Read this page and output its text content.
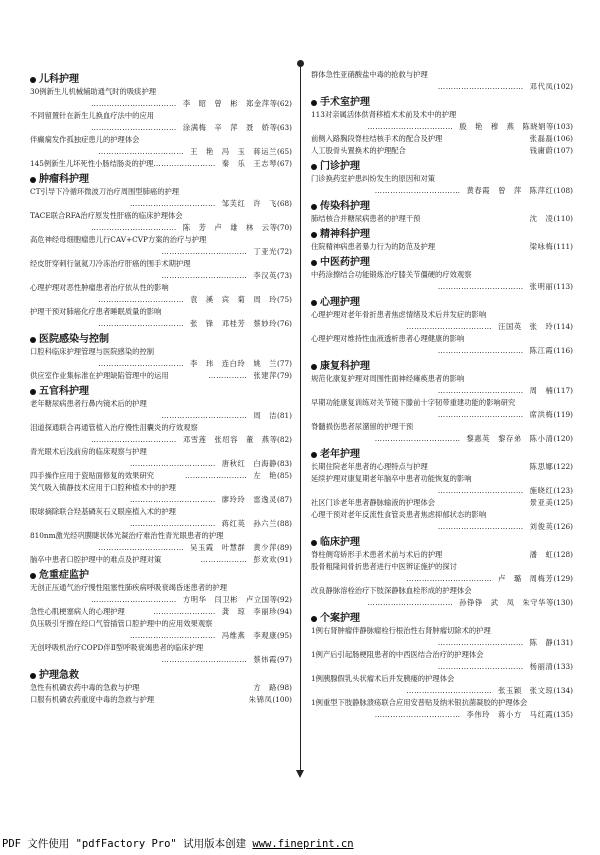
儿科护理
30例新生儿机械辅助通气时的吸痰护理
…………………………… 李　昭　曾　彬　郑金萍 等(62)
不同留置针在新生儿换血疗法中的应用
…………………………… 涂满梅　辛　萍　聂　娇 等(63)
伴癫痫发作孤独症患儿的护理体会
…………………………… 王　艳　冯　玉　蒋运兰 (65)
145例新生儿坏死性小肠结肠炎的护理 …………………… 秦　乐　王志琴(67)
肿瘤科护理
CT引导下冷循环微波刀治疗周围型肺癌的护理
…………………………… 邹芙红　许　飞 (68)
TACE联合RFA治疗原发性肝癌的临床护理体会
…………………………… 陈　芳　卢　雄　林　云 等(70)
高危神经母细胞瘤患儿行CAV+CVP方案的治疗与护理
…………………………… 丁亚光 (72)
经皮肝穿刺行氩氦刀冷冻治疗肝癌的围手术期护理
…………………………… 李汉英 (73)
心理护理对恶性肿瘤患者治疗依从性的影响
…………………………… 袁　溪　宾　菊　周　玲 (75)
护理干预对肺癌化疗患者睡眠质量的影响
…………………………… 张　锋　邓桂芳　蔡妙玲 (76)
医院感染与控制
口腔科临床护理管理与医院感染的控制
…………………………… 李　玮　连白玲　姚　兰 (77)
供应室作业集标准在护理缺陷管理中的运用	…………… 张建萍(79)
五官科护理
老年糖尿病患者行鼻内镜术后的护理
…………………………… 周　洁 (81)
泪道探通联合再通管植入治疗慢性泪囊炎的疗效观察
…………………………… 邓雪莲　张绍容　董　燕 等(82)
青光眼术后浅前房的临床观察与护理
…………………………… 唐秋红　白海静 (83)
四手操作应用于瓷贴面修复的效果研究	…………………… 左　艳(85)
笑气吸入镇静技术应用于口腔种植术中的护理
…………………………… 廖玲玲　雷逸灵 (87)
眼球摘除联合羟基磷灰石义眼座植入术的护理
…………………………… 蒋红英　孙六兰 (88)
810nm激光经巩膜睫状体光凝治疗难治性青光眼患者的护理
…………………………… 吴玉霞　叶慧群　黄少萍 (89)
脑卒中患者口腔护理中的难点及护理对策	……………… 彭欢欢(91)
危重症监护
无创正压通气治疗慢性阻塞性肺疾病呼吸衰竭昏迷患者的护理
…………………………… 方明华　闫卫彬　卢立国 等(92)
急性心肌梗塞病人的心理护理	…………………… 龚　琼　李丽珍(94)
负压吸引牙擦在经口气管插管口腔护理中的应用效果观察
…………………………… 冯维燕　李观康 (95)
无创呼吸机治疗COPD伴Ⅱ型呼吸衰竭患者的临床护理
…………………………… 蔡炜霞 (97)
护理急救
急性有机磷农药中毒的急救与护理	方　路(98)
口服有机磷农药重度中毒的急救与护理	朱锦凤(100)
群体急性亚硝酸盐中毒的抢救与护理
…………………………… 邓代凤 (102)
手术室护理
113对亲属活体供肾移植术术前及术中的护理
…………………………… 殷　艳　穆　燕　陈晓娟 等(103)
前侧入路胸段脊柱结核手术的配合及护理	张磊磊(106)
人工股骨头置换术的护理配合	钱庸蔚(107)
门诊护理
门诊换药室护患纠纷发生的原因和对策
…………………………… 黄春霞　曾　萍　陈萍红 (108)
传染科护理
肺结核合并糖尿病患者的护理干预	沈　凌(110)
精神科护理
住院精神病患者暴力行为的防范及护理	梁咏梅(111)
中医药护理
中药涂擦结合功能锻炼治疗膝关节僵硬的疗效观察
…………………………… 张明丽 (113)
心理护理
心理护理对老年骨折患者焦虑情绪及术后并发症的影响
…………………………… 汪国英　张　玲 (114)
心理护理对维持性血液透析患者心理健康的影响
…………………………… 陈江霞 (116)
康复科护理
规范化康复护理对周围性面神经瘫痪患者的影响
…………………………… 周　楠 (117)
早期功能康复训练对关节镜下滕前十字韧带重建功能的影响研究
…………………………… 席洪梅 (119)
脊髓损伤患者尿潴留的护理干预
…………………………… 黎惠英　黎存弟　陈小清 (120)
老年护理
长期住院老年患者的心理特点与护理	陈思娜(122)
延续护理对康复期老年脑卒中患者功能恢复的影响
…………………………… 施晓红 (123)
社区门诊老年患者静脉输液的护理体会	景亚美(125)
心理干预对老年反流性食管炎患者焦虑抑郁状态的影响
…………………………… 刘俊英 (126)
临床护理
脊柱侧弯矫形手术患者术前与术后的护理	潘　虹(128)
股骨粗隆间骨折患者进行中医辨证施护的探讨
…………………………… 卢　璐　周梅芳 (129)
改良静脉溶栓治疗下肢深静脉血栓形成的护理体会
…………………………… 孙铮铮　武　凤　朱守华 等(130)
个案护理
1例右肾肿瘤伴静脉瘤栓行根治性右肾肿瘤切除术的护理
…………………………… 陈　静 (131)
1例产后引起肠梗阻患者的中西医结合治疗的护理体会
…………………………… 杨丽清 (133)
1例胰腺假乳头状瘤术后并发胰瘘的护理体会
…………………………… 张玉颖　张文琼 (134)
1例重型下肢静脉溃疡联合应用安普贴及纳米银抗菌凝胶的护理体会
…………………………… 李伟玲　蒋小方　马红霞 (135)
PDF 文件使用 "pdfFactory Pro" 试用版本创建 www.fineprint.cn
